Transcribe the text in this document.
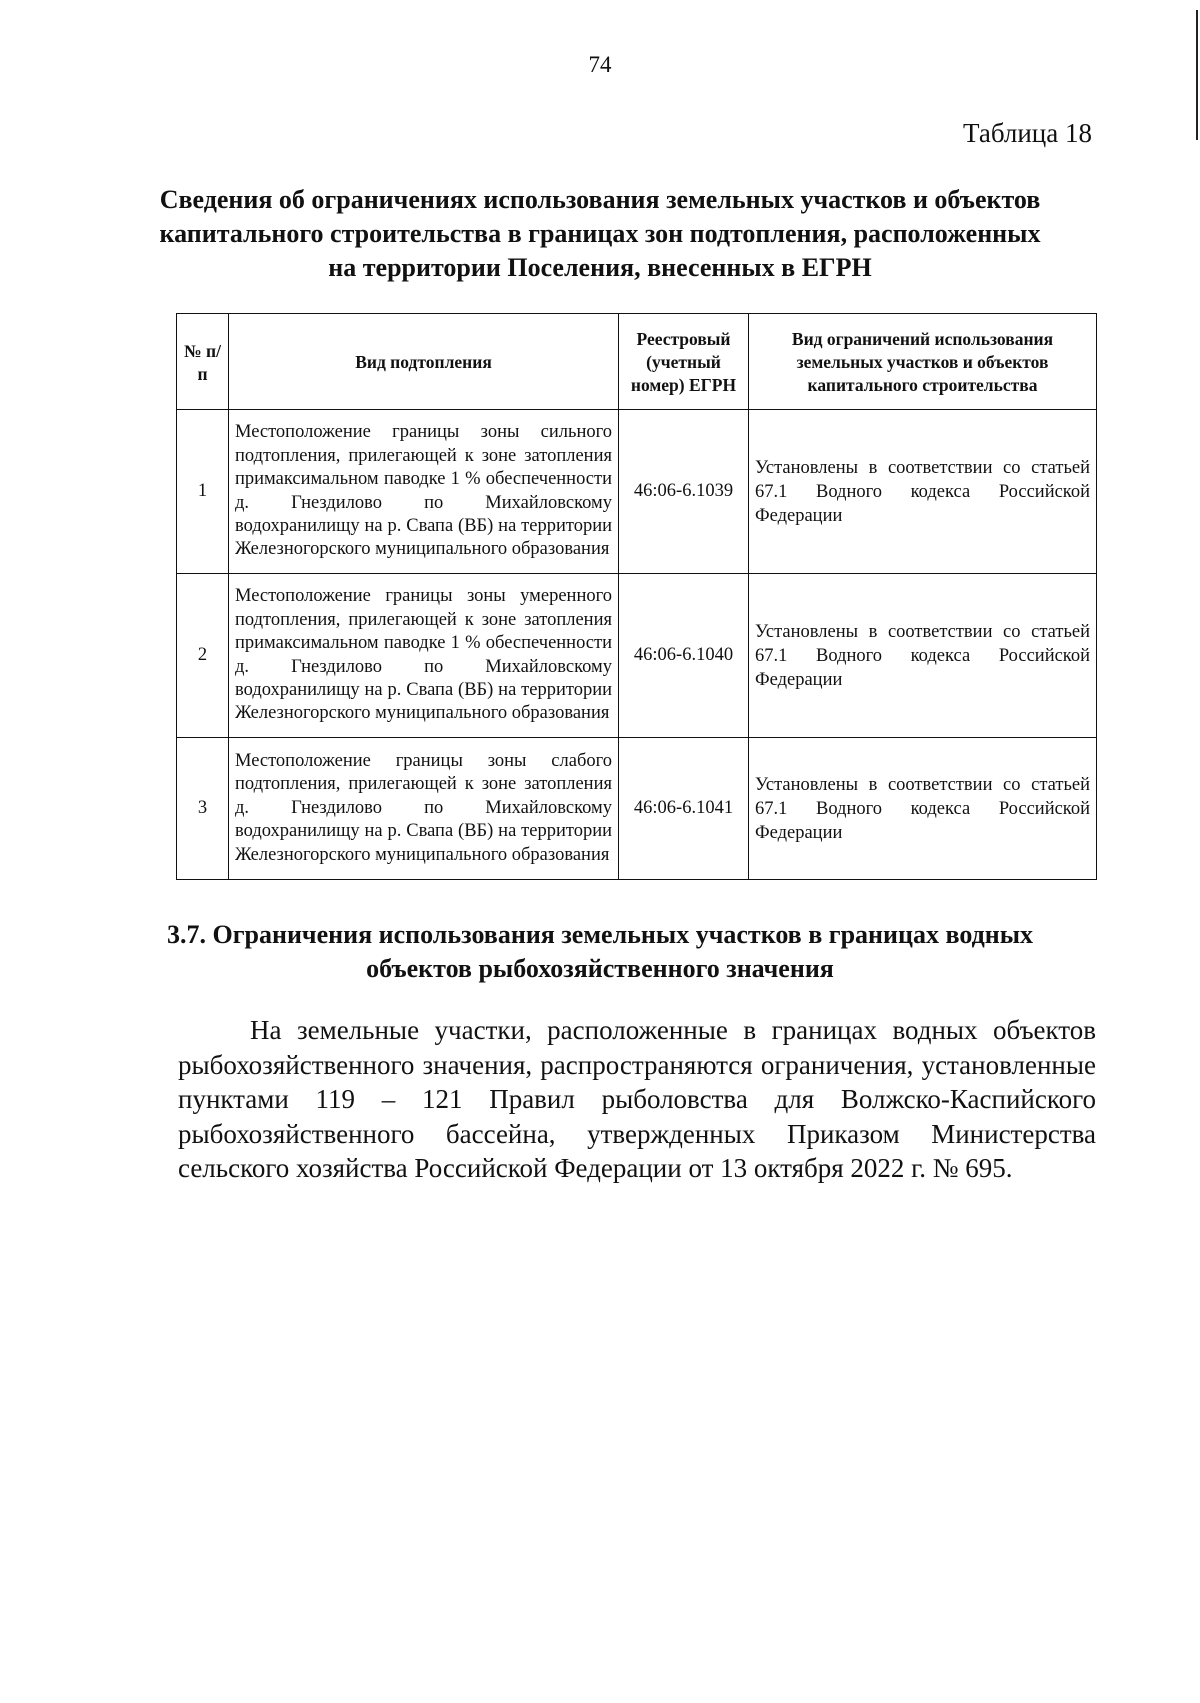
74
Таблица 18
Сведения об ограничениях использования земельных участков и объектов капитального строительства в границах зон подтопления, расположенных на территории Поселения, внесенных в ЕГРН
№ п/п	Вид подтопления	Реестровый (учетный номер) ЕГРН	Вид ограничений использования земельных участков и объектов капитального строительства
1	Местоположение границы зоны сильного подтопления, прилегающей к зоне затопления примаксимальном паводке 1 % обеспеченности д. Гнездилово по Михайловскому водохранилищу на р. Свапа (ВБ) на территории Железногорского муниципального образования	46:06-6.1039	Установлены в соответствии со статьей 67.1 Водного кодекса Российской Федерации
2	Местоположение границы зоны умеренного подтопления, прилегающей к зоне затопления примаксимальном паводке 1 % обеспеченности д. Гнездилово по Михайловскому водохранилищу на р. Свапа (ВБ) на территории Железногорского муниципального образования	46:06-6.1040	Установлены в соответствии со статьей 67.1 Водного кодекса Российской Федерации
3	Местоположение границы зоны слабого подтопления, прилегающей к зоне затопления д. Гнездилово по Михайловскому водохранилищу на р. Свапа (ВБ) на территории Железногорского муниципального образования	46:06-6.1041	Установлены в соответствии со статьей 67.1 Водного кодекса Российской Федерации
3.7. Ограничения использования земельных участков в границах водных объектов рыбохозяйственного значения
На земельные участки, расположенные в границах водных объектов рыбохозяйственного значения, распространяются ограничения, установленные пунктами 119 – 121 Правил рыболовства для Волжско-Каспийского рыбохозяйственного бассейна, утвержденных Приказом Министерства сельского хозяйства Российской Федерации от 13 октября 2022 г. № 695.
